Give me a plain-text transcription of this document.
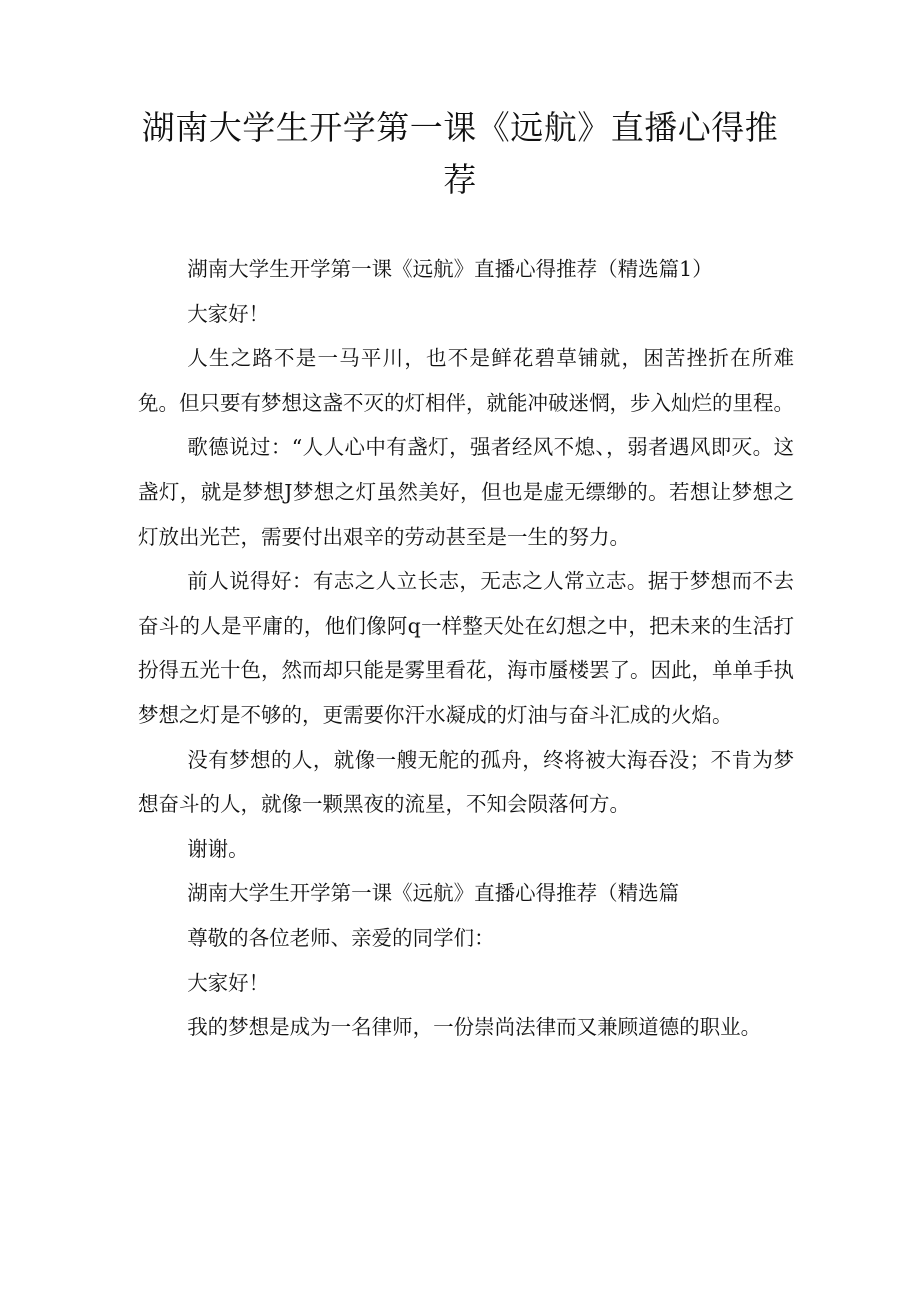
湖南大学生开学第一课《远航》直播心得推荐

湖南大学生开学第一课《远航》直播心得推荐（精选篇1）

大家好！

人生之路不是一马平川，也不是鲜花碧草铺就，困苦挫折在所难免。但只要有梦想这盏不灭的灯相伴，就能冲破迷惘，步入灿烂的里程。

歌德说过：“人人心中有盏灯，强者经风不熄、，弱者遇风即灭。这盏灯，就是梦想J梦想之灯虽然美好，但也是虚无缥缈的。若想让梦想之灯放出光芒，需要付出艰辛的劳动甚至是一生的努力。

前人说得好：有志之人立长志，无志之人常立志。据于梦想而不去奋斗的人是平庸的，他们像阿q一样整天处在幻想之中，把未来的生活打扮得五光十色，然而却只能是雾里看花，海市蜃楼罢了。因此，单单手执梦想之灯是不够的，更需要你汗水凝成的灯油与奋斗汇成的火焰。

没有梦想的人，就像一艘无舵的孤舟，终将被大海吞没；不肯为梦想奋斗的人，就像一颗黑夜的流星，不知会陨落何方。

谢谢。

湖南大学生开学第一课《远航》直播心得推荐（精选篇

尊敬的各位老师、亲爱的同学们：

大家好！

我的梦想是成为一名律师，一份崇尚法律而又兼顾道德的职业。
